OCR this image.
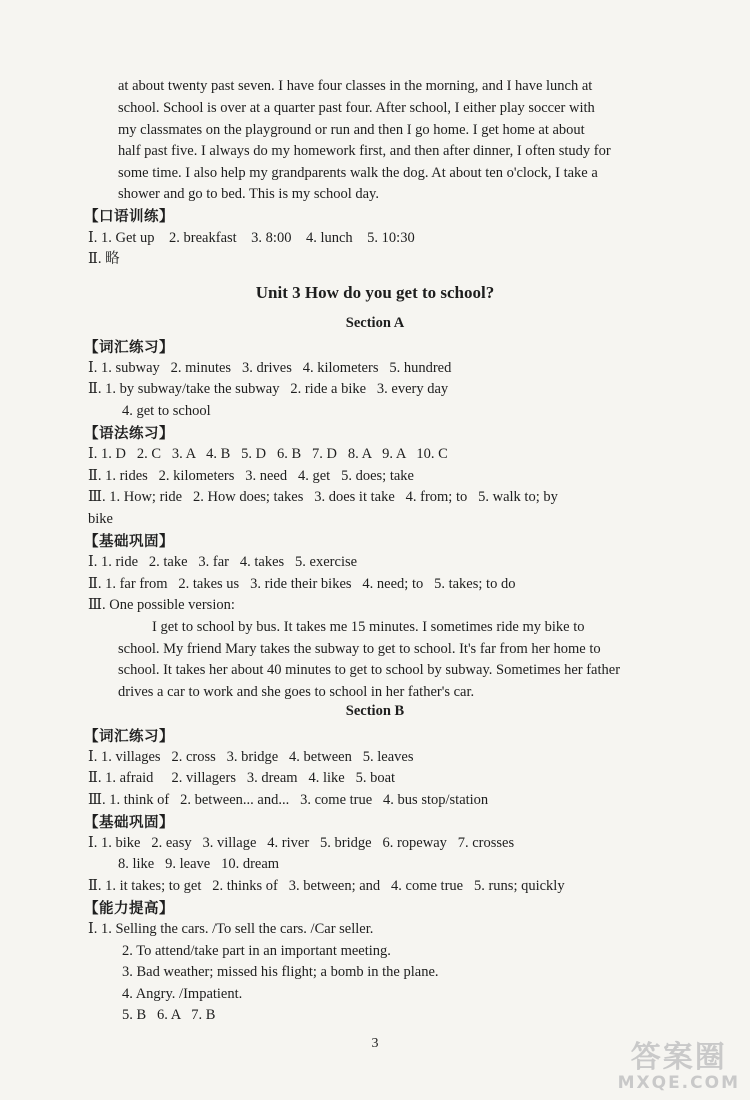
at about twenty past seven. I have four classes in the morning, and I have lunch at
school. School is over at a quarter past four. After school, I either play soccer with
my classmates on the playground or run and then I go home. I get home at about
half past five. I always do my homework first, and then after dinner, I often study for
some time. I also help my grandparents walk the dog. At about ten o'clock, I take a
shower and go to bed. This is my school day.
【口语训练】
Ⅰ. 1. Get up    2. breakfast    3. 8:00    4. lunch    5. 10:30
Ⅱ. 略
Unit 3 How do you get to school?
Section A
【词汇练习】
Ⅰ. 1. subway   2. minutes   3. drives   4. kilometers   5. hundred
Ⅱ. 1. by subway/take the subway   2. ride a bike   3. every day
4. get to school
【语法练习】
Ⅰ. 1. D   2. C   3. A   4. B   5. D   6. B   7. D   8. A   9. A   10. C
Ⅱ. 1. rides   2. kilometers   3. need   4. get   5. does; take
Ⅲ. 1. How; ride   2. How does; takes   3. does it take   4. from; to   5. walk to; by
bike
【基础巩固】
Ⅰ. 1. ride   2. take   3. far   4. takes   5. exercise
Ⅱ. 1. far from   2. takes us   3. ride their bikes   4. need; to   5. takes; to do
Ⅲ. One possible version:
I get to school by bus. It takes me 15 minutes. I sometimes ride my bike to
school. My friend Mary takes the subway to get to school. It's far from her home to
school. It takes her about 40 minutes to get to school by subway. Sometimes her father
drives a car to work and she goes to school in her father's car.
Section B
【词汇练习】
Ⅰ. 1. villages   2. cross   3. bridge   4. between   5. leaves
Ⅱ. 1. afraid     2. villagers   3. dream   4. like   5. boat
Ⅲ. 1. think of   2. between... and...   3. come true   4. bus stop/station
【基础巩固】
Ⅰ. 1. bike   2. easy   3. village   4. river   5. bridge   6. ropeway   7. crosses
8. like   9. leave   10. dream
Ⅱ. 1. it takes; to get   2. thinks of   3. between; and   4. come true   5. runs; quickly
【能力提高】
Ⅰ. 1. Selling the cars. /To sell the cars. /Car seller.
2. To attend/take part in an important meeting.
3. Bad weather; missed his flight; a bomb in the plane.
4. Angry. /Impatient.
5. B   6. A   7. B
3	答案圈
MXQE.COM
